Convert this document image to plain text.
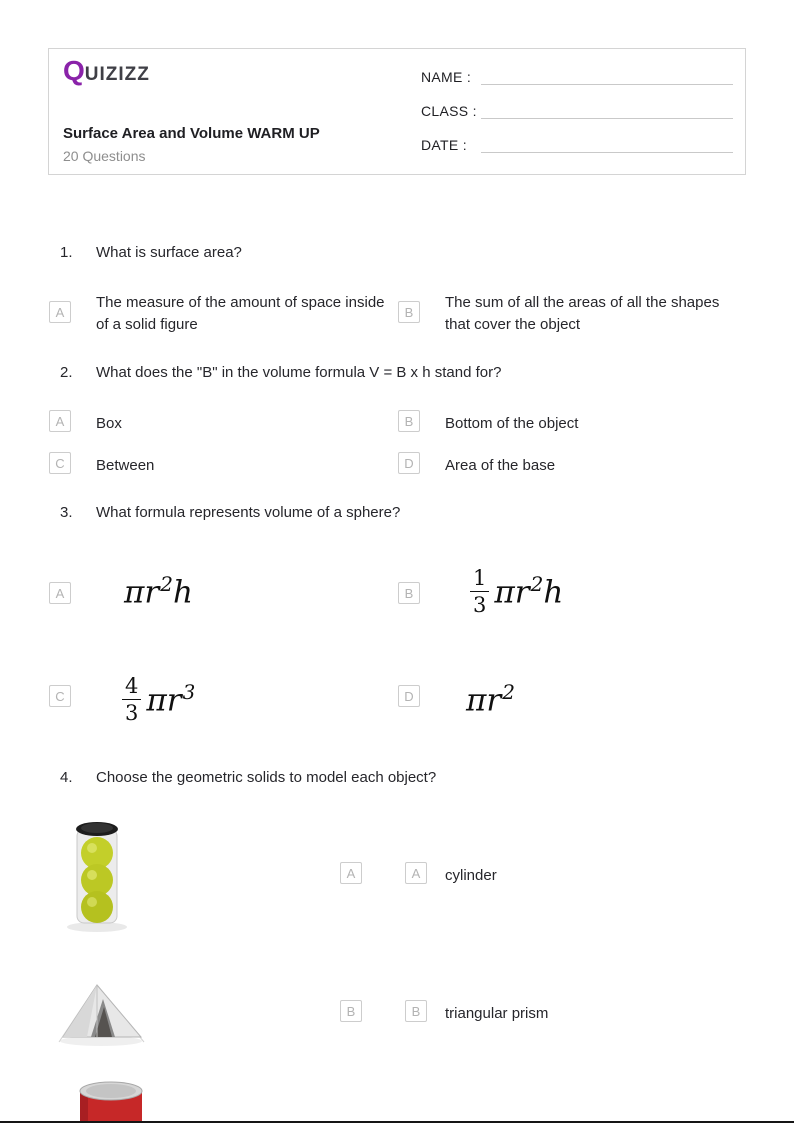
QUIZIZZ
Surface Area and Volume WARM UP
20 Questions
NAME :
CLASS :
DATE :
1. What is surface area?
A
The measure of the amount of space inside of a solid figure
B
The sum of all the areas of all the shapes that cover the object
2. What does the "B" in the volume formula V = B x h stand for?
A	Box	B	Bottom of the object
C	Between	D	Area of the base
3. What formula represents volume of a sphere?
A $\pi r^2h$	B	$\frac{1}{3} \pi r^2h$
C	$\frac{4}{3} \pi r^3$	D $\pi r^2$
4. Choose the geometric solids to model each object?
A	A	cylinder
B	B	triangular prism
